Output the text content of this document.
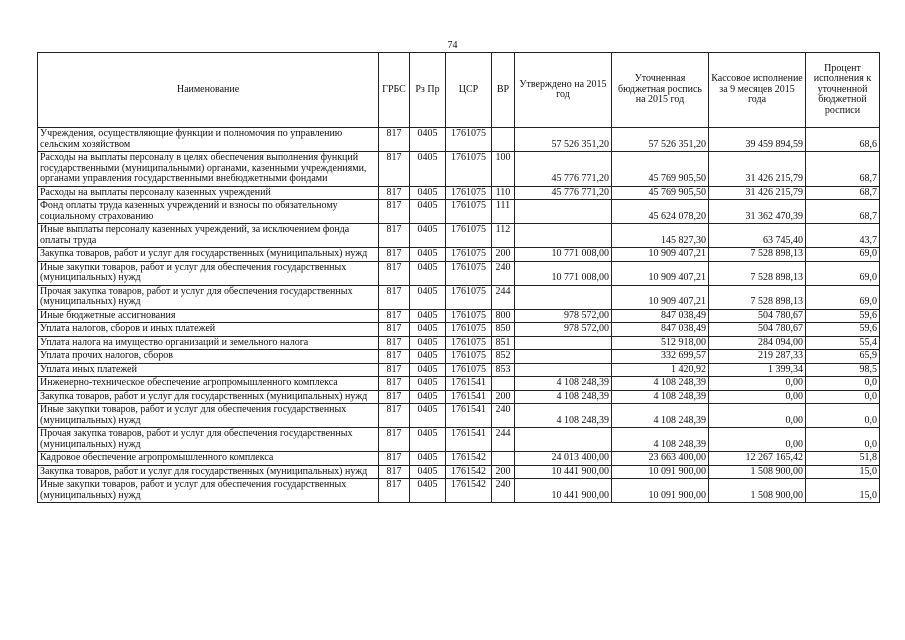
74
Наименование	ГРБС	Рз Пр	ЦСР	ВР	Утверждено на 2015 год	Уточненная бюджетная роспись на 2015 год	Кассовое исполнение за 9 месяцев 2015 года	Процент исполнения к уточненной бюджетной росписи
Учреждения, осуществляющие функции и полномочия по управлению сельским хозяйством	817	0405	1761075		57 526 351,20	57 526 351,20	39 459 894,59	68,6
Расходы на выплаты персоналу в целях обеспечения выполнения функций государственными (муниципальными) органами, казенными учреждениями, органами управления государственными внебюджетными фондами	817	0405	1761075	100	45 776 771,20	45 769 905,50	31 426 215,79	68,7
Расходы на выплаты персоналу казенных учреждений	817	0405	1761075	110	45 776 771,20	45 769 905,50	31 426 215,79	68,7
Фонд оплаты труда казенных учреждений и взносы по обязательному социальному страхованию	817	0405	1761075	111		45 624 078,20	31 362 470,39	68,7
Иные выплаты персоналу казенных учреждений, за исключением фонда оплаты труда	817	0405	1761075	112		145 827,30	63 745,40	43,7
Закупка товаров, работ и услуг для государственных (муниципальных) нужд	817	0405	1761075	200	10 771 008,00	10 909 407,21	7 528 898,13	69,0
Иные закупки товаров, работ и услуг для обеспечения государственных (муниципальных) нужд	817	0405	1761075	240	10 771 008,00	10 909 407,21	7 528 898,13	69,0
Прочая закупка товаров, работ и услуг для обеспечения государственных (муниципальных) нужд	817	0405	1761075	244		10 909 407,21	7 528 898,13	69,0
Иные бюджетные ассигнования	817	0405	1761075	800	978 572,00	847 038,49	504 780,67	59,6
Уплата налогов, сборов и иных платежей	817	0405	1761075	850	978 572,00	847 038,49	504 780,67	59,6
Уплата налога на имущество организаций и земельного налога	817	0405	1761075	851		512 918,00	284 094,00	55,4
Уплата прочих налогов, сборов	817	0405	1761075	852		332 699,57	219 287,33	65,9
Уплата иных платежей	817	0405	1761075	853		1 420,92	1 399,34	98,5
Инженерно-техническое обеспечение агропромышленного комплекса	817	0405	1761541		4 108 248,39	4 108 248,39	0,00	0,0
Закупка товаров, работ и услуг для государственных (муниципальных) нужд	817	0405	1761541	200	4 108 248,39	4 108 248,39	0,00	0,0
Иные закупки товаров, работ и услуг для обеспечения государственных (муниципальных) нужд	817	0405	1761541	240	4 108 248,39	4 108 248,39	0,00	0,0
Прочая закупка товаров, работ и услуг для обеспечения государственных (муниципальных) нужд	817	0405	1761541	244		4 108 248,39	0,00	0,0
Кадровое обеспечение агропромышленного комплекса	817	0405	1761542		24 013 400,00	23 663 400,00	12 267 165,42	51,8
Закупка товаров, работ и услуг для государственных (муниципальных) нужд	817	0405	1761542	200	10 441 900,00	10 091 900,00	1 508 900,00	15,0
Иные закупки товаров, работ и услуг для обеспечения государственных (муниципальных) нужд	817	0405	1761542	240	10 441 900,00	10 091 900,00	1 508 900,00	15,0
